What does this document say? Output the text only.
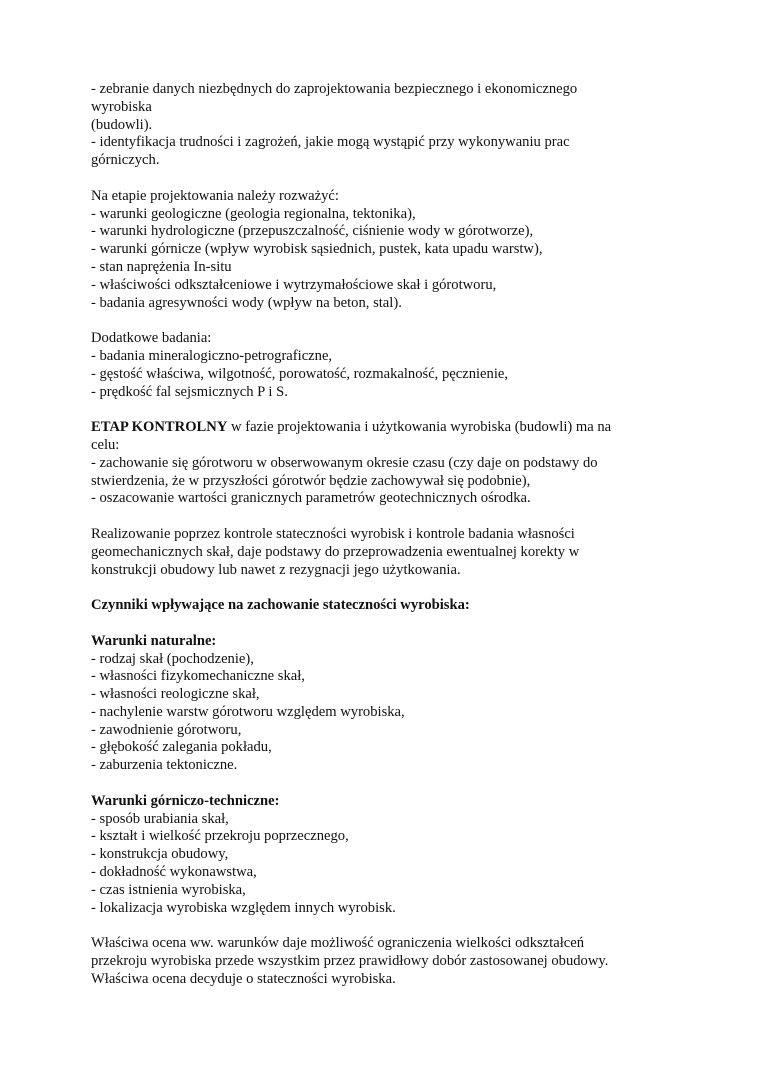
- zebranie danych niezbędnych do zaprojektowania bezpiecznego i ekonomicznego
wyrobiska
(budowli).
- identyfikacja trudności i zagrożeń, jakie mogą wystąpić przy wykonywaniu prac
górniczych.
Na etapie projektowania należy rozważyć:
- warunki geologiczne (geologia regionalna, tektonika),
- warunki hydrologiczne (przepuszczalność, ciśnienie wody w górotworze),
- warunki górnicze (wpływ wyrobisk sąsiednich, pustek, kata upadu warstw),
- stan naprężenia In-situ
- właściwości odkształceniowe i wytrzymałościowe skał i górotworu,
- badania agresywności wody (wpływ na beton, stal).
Dodatkowe badania:
- badania mineralogiczno-petrograficzne,
- gęstość właściwa, wilgotność, porowatość, rozmakalność, pęcznienie,
- prędkość fal sejsmicznych P i S.
ETAP KONTROLNY w fazie projektowania i użytkowania wyrobiska (budowli) ma na
celu:
- zachowanie się górotworu w obserwowanym okresie czasu (czy daje on podstawy do
stwierdzenia, że w przyszłości górotwór będzie zachowywał się podobnie),
- oszacowanie wartości granicznych parametrów geotechnicznych ośrodka.
Realizowanie poprzez kontrole stateczności wyrobisk i kontrole badania własności
geomechanicznych skał, daje podstawy do przeprowadzenia ewentualnej korekty w
konstrukcji obudowy lub nawet z rezygnacji jego użytkowania.
Czynniki wpływające na zachowanie stateczności wyrobiska:
Warunki naturalne:
- rodzaj skał (pochodzenie),
- własności fizykomechaniczne skał,
- własności reologiczne skał,
- nachylenie warstw górotworu względem wyrobiska,
- zawodnienie górotworu,
- głębokość zalegania pokładu,
- zaburzenia tektoniczne.
Warunki górniczo-techniczne:
- sposób urabiania skał,
- kształt i wielkość przekroju poprzecznego,
- konstrukcja obudowy,
- dokładność wykonawstwa,
- czas istnienia wyrobiska,
- lokalizacja wyrobiska względem innych wyrobisk.
Właściwa ocena ww. warunków daje możliwość ograniczenia wielkości odkształceń
przekroju wyrobiska przede wszystkim przez prawidłowy dobór zastosowanej obudowy.
Właściwa ocena decyduje o stateczności wyrobiska.
